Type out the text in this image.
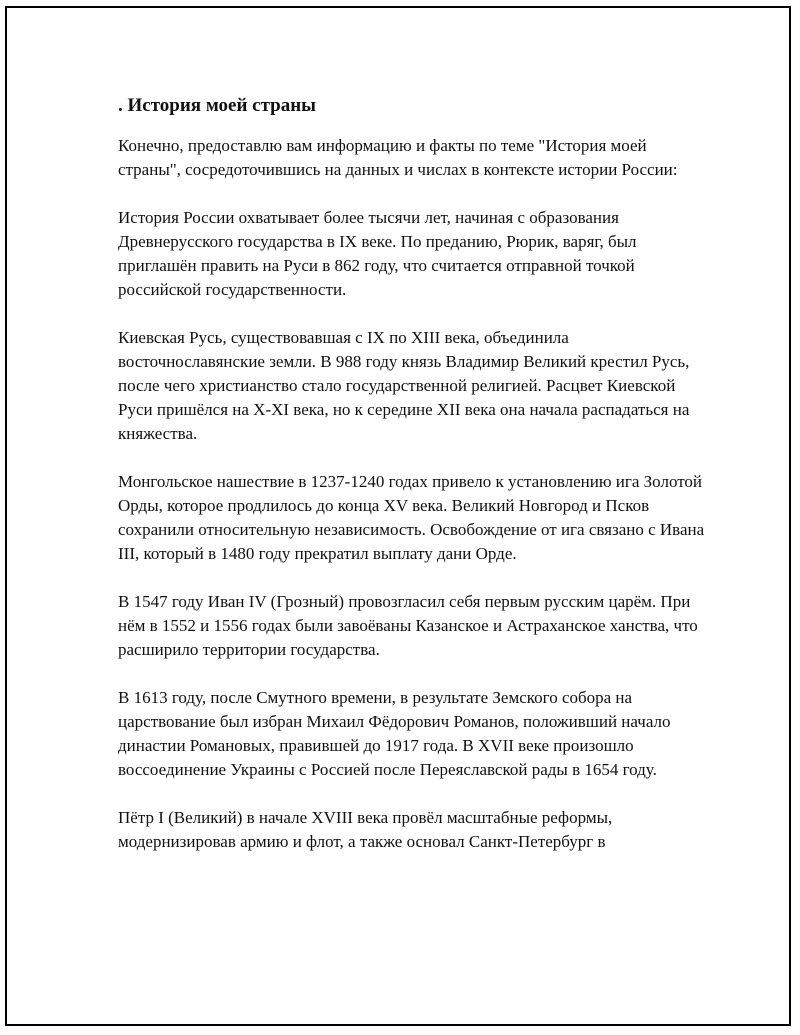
. История моей страны

Конечно, предоставлю вам информацию и факты по теме "История моей страны", сосредоточившись на данных и числах в контексте истории России:

История России охватывает более тысячи лет, начиная с образования Древнерусского государства в IX веке. По преданию, Рюрик, варяг, был приглашён править на Руси в 862 году, что считается отправной точкой российской государственности.

Киевская Русь, существовавшая с IX по XIII века, объединила восточнославянские земли. В 988 году князь Владимир Великий крестил Русь, после чего христианство стало государственной религией. Расцвет Киевской Руси пришёлся на X-XI века, но к середине XII века она начала распадаться на княжества.

Монгольское нашествие в 1237-1240 годах привело к установлению ига Золотой Орды, которое продлилось до конца XV века. Великий Новгород и Псков сохранили относительную независимость. Освобождение от ига связано с Ивана III, который в 1480 году прекратил выплату дани Орде.

В 1547 году Иван IV (Грозный) провозгласил себя первым русским царём. При нём в 1552 и 1556 годах были завоёваны Казанское и Астраханское ханства, что расширило территории государства.

В 1613 году, после Смутного времени, в результате Земского собора на царствование был избран Михаил Фёдорович Романов, положивший начало династии Романовых, правившей до 1917 года. В XVII веке произошло воссоединение Украины с Россией после Переяславской рады в 1654 году.

Пётр I (Великий) в начале XVIII века провёл масштабные реформы, модернизировав армию и флот, а также основал Санкт-Петербург в
